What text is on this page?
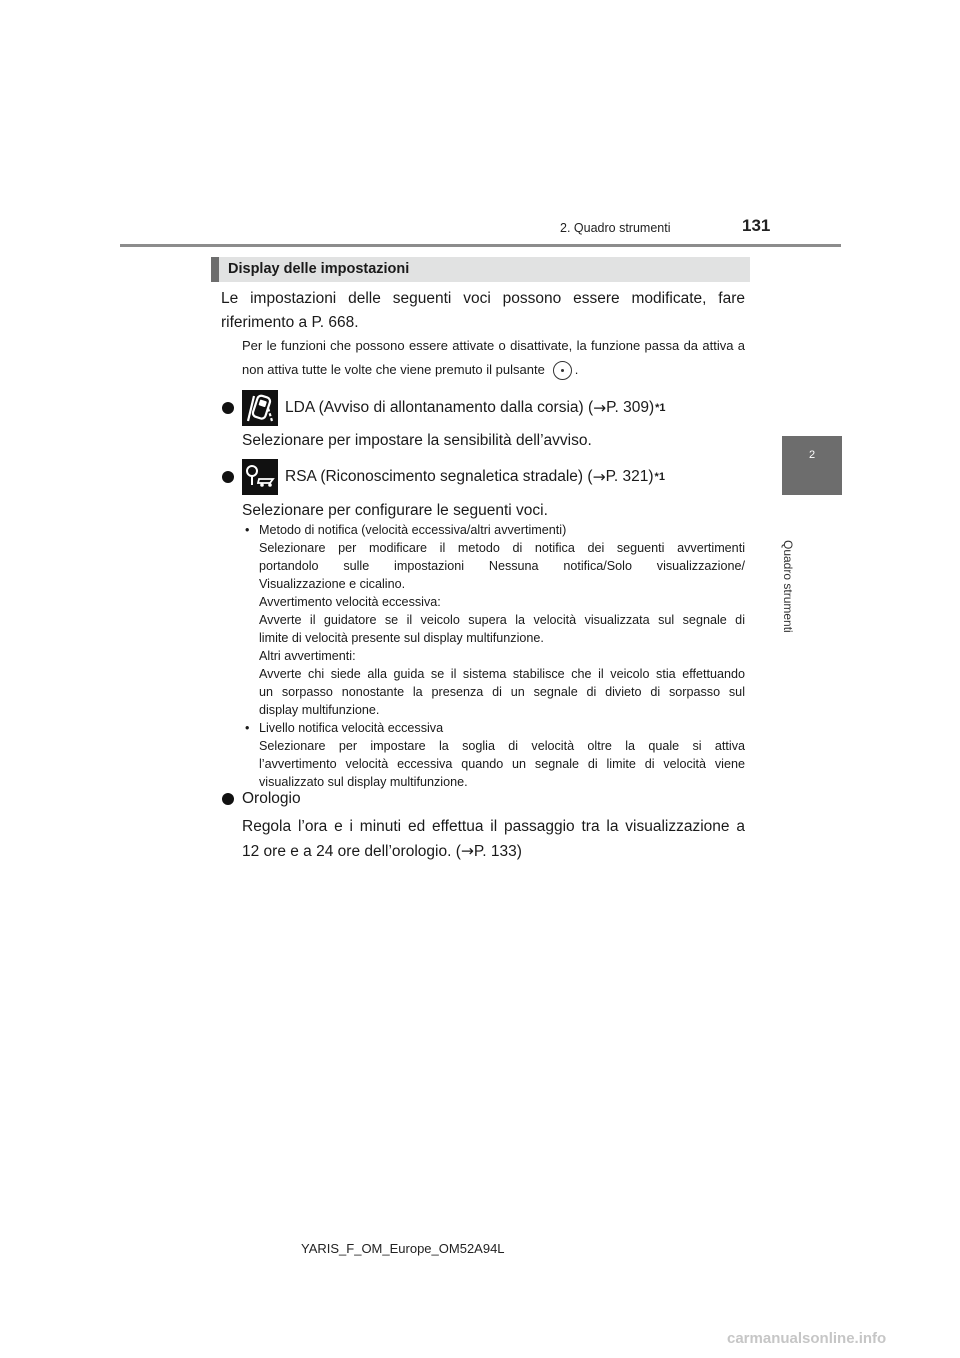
2. Quadro strumenti	131
2
Quadro strumenti
Display delle impostazioni
Le impostazioni delle seguenti voci possono essere modificate, fare riferimento a P. 668.
Per le funzioni che possono essere attivate o disattivate, la funzione passa da attiva a non attiva tutte le volte che viene premuto il pulsante .
LDA (Avviso di allontanamento dalla corsia) ( → P. 309) *1
Selezionare per impostare la sensibilità dell’avviso.
RSA (Riconoscimento segnaletica stradale) ( → P. 321) *1
Selezionare per configurare le seguenti voci.
• Metodo di notifica (velocità eccessiva/altri avvertimenti)
Selezionare per modificare il metodo di notifica dei seguenti avvertimenti
portandolo sulle impostazioni Nessuna notifica/Solo visualizzazione/
Visualizzazione e cicalino.
Avvertimento velocità eccessiva:
Avverte il guidatore se il veicolo supera la velocità visualizzata sul segnale di
limite di velocità presente sul display multifunzione.
Altri avvertimenti:
Avverte chi siede alla guida se il sistema stabilisce che il veicolo stia effettuando
un sorpasso nonostante la presenza di un segnale di divieto di sorpasso sul
display multifunzione.
• Livello notifica velocità eccessiva
Selezionare per impostare la soglia di velocità oltre la quale si attiva
l’avvertimento velocità eccessiva quando un segnale di limite di velocità viene
visualizzato sul display multifunzione.
Orologio
Regola l’ora e i minuti ed effettua il passaggio tra la visualizzazione a
12 ore e a 24 ore dell’orologio. (→P. 133)
YARIS_F_OM_Europe_OM52A94L
carmanualsonline.info
